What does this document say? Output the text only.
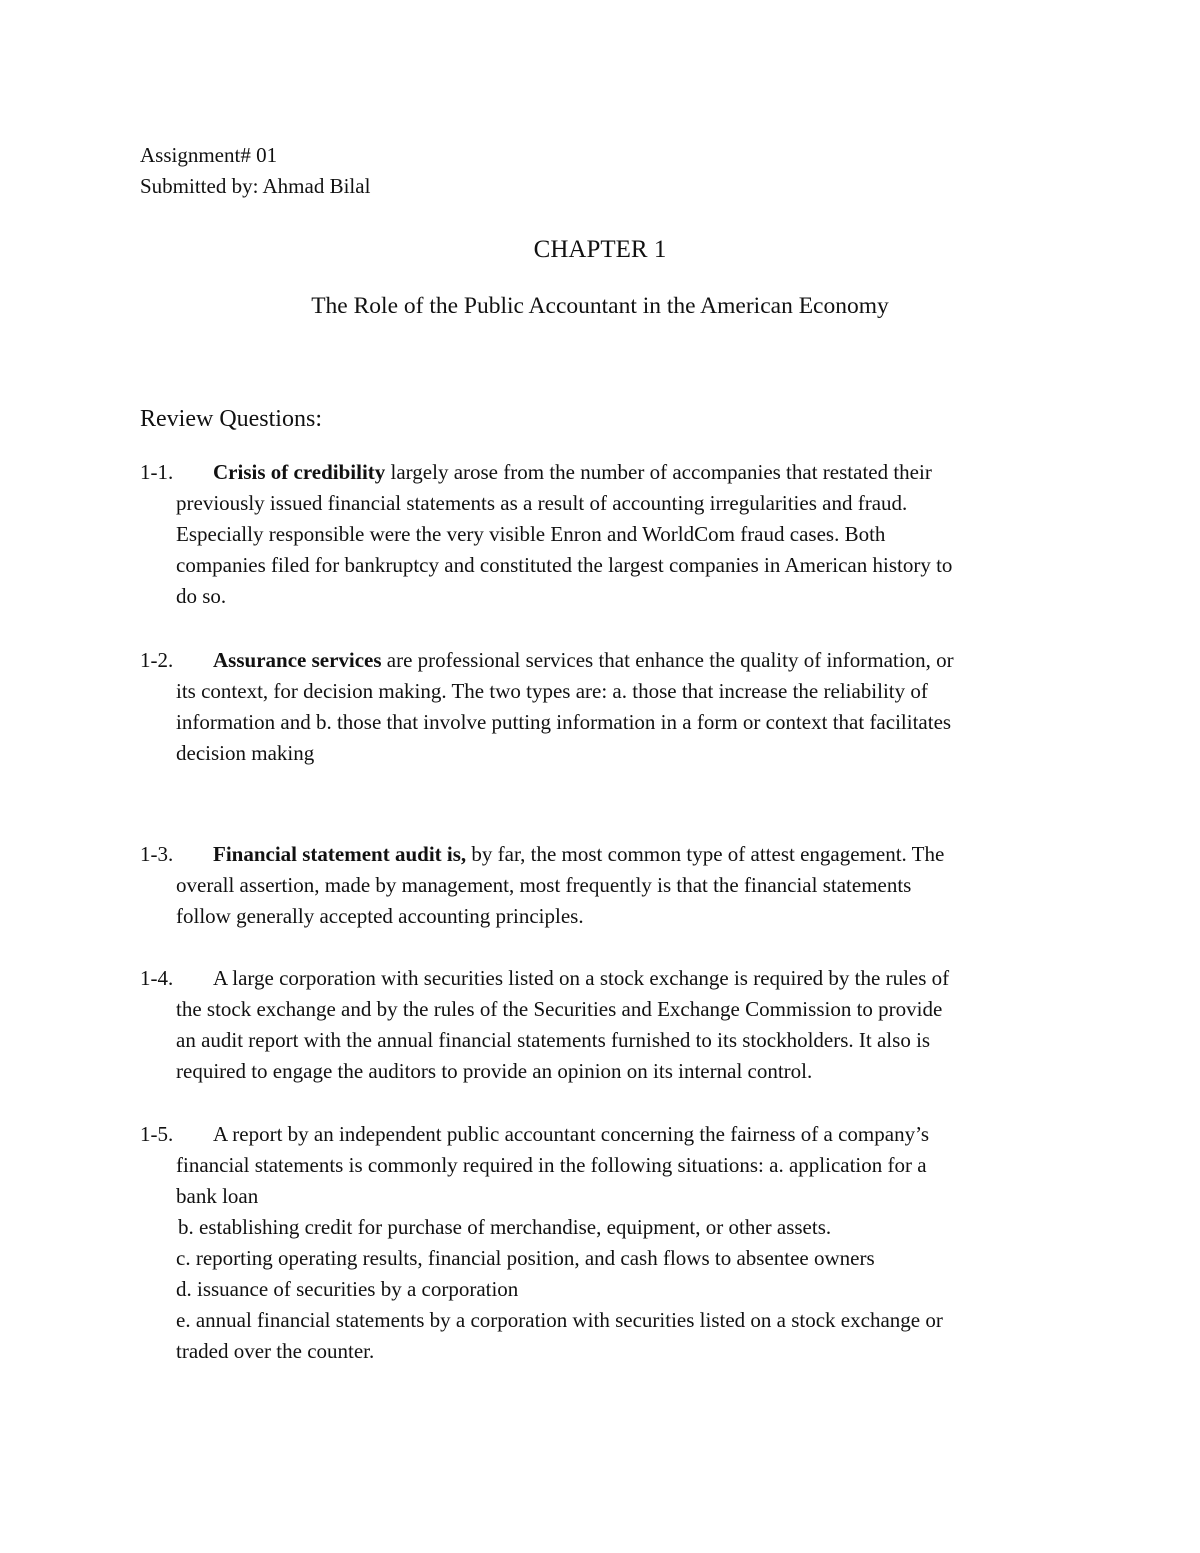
Assignment# 01
Submitted by: Ahmad Bilal
CHAPTER 1
The Role of the Public Accountant in the American Economy
Review Questions:
1-1. Crisis of credibility largely arose from the number of accompanies that restated their
previously issued financial statements as a result of accounting irregularities and fraud.
Especially responsible were the very visible Enron and WorldCom fraud cases. Both
companies filed for bankruptcy and constituted the largest companies in American history to
do so.
1-2. Assurance services are professional services that enhance the quality of information, or
its context, for decision making. The two types are: a. those that increase the reliability of
information and b. those that involve putting information in a form or context that facilitates
decision making
1-3. Financial statement audit is, by far, the most common type of attest engagement. The
overall assertion, made by management, most frequently is that the financial statements
follow generally accepted accounting principles.
1-4. A large corporation with securities listed on a stock exchange is required by the rules of
the stock exchange and by the rules of the Securities and Exchange Commission to provide
an audit report with the annual financial statements furnished to its stockholders. It also is
required to engage the auditors to provide an opinion on its internal control.
1-5. A report by an independent public accountant concerning the fairness of a company’s
financial statements is commonly required in the following situations: a. application for a
bank loan
b. establishing credit for purchase of merchandise, equipment, or other assets.
c. reporting operating results, financial position, and cash flows to absentee owners
d. issuance of securities by a corporation
e. annual financial statements by a corporation with securities listed on a stock exchange or
traded over the counter.
